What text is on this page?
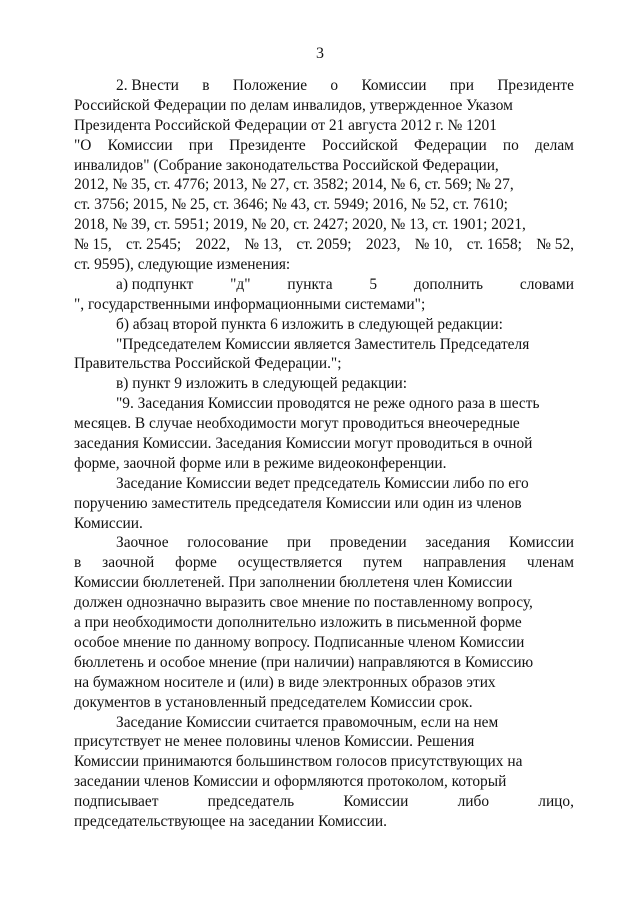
3
2. Внести в Положение о Комиссии при Президенте
Российской Федерации по делам инвалидов, утвержденное Указом
Президента Российской Федерации от 21 августа 2012 г. № 1201
"О Комиссии при Президенте Российской Федерации по делам
инвалидов" (Собрание законодательства Российской Федерации,
2012, № 35, ст. 4776; 2013, № 27, ст. 3582; 2014, № 6, ст. 569; № 27,
ст. 3756; 2015, № 25, ст. 3646; № 43, ст. 5949; 2016, № 52, ст. 7610;
2018, № 39, ст. 5951; 2019, № 20, ст. 2427; 2020, № 13, ст. 1901; 2021,
№ 15, ст. 2545; 2022, № 13, ст. 2059; 2023, № 10, ст. 1658; № 52,
ст. 9595), следующие изменения:
а) подпункт "д" пункта 5 дополнить словами
", государственными информационными системами";
б) абзац второй пункта 6 изложить в следующей редакции:
"Председателем Комиссии является Заместитель Председателя
Правительства Российской Федерации.";
в) пункт 9 изложить в следующей редакции:
"9. Заседания Комиссии проводятся не реже одного раза в шесть
месяцев. В случае необходимости могут проводиться внеочередные
заседания Комиссии. Заседания Комиссии могут проводиться в очной
форме, заочной форме или в режиме видеоконференции.
Заседание Комиссии ведет председатель Комиссии либо по его
поручению заместитель председателя Комиссии или один из членов
Комиссии.
Заочное голосование при проведении заседания Комиссии
в заочной форме осуществляется путем направления членам
Комиссии бюллетеней. При заполнении бюллетеня член Комиссии
должен однозначно выразить свое мнение по поставленному вопросу,
а при необходимости дополнительно изложить в письменной форме
особое мнение по данному вопросу. Подписанные членом Комиссии
бюллетень и особое мнение (при наличии) направляются в Комиссию
на бумажном носителе и (или) в виде электронных образов этих
документов в установленный председателем Комиссии срок.
Заседание Комиссии считается правомочным, если на нем
присутствует не менее половины членов Комиссии. Решения
Комиссии принимаются большинством голосов присутствующих на
заседании членов Комиссии и оформляются протоколом, который
подписывает	председатель	Комиссии	либо	лицо,
председательствующее на заседании Комиссии.
